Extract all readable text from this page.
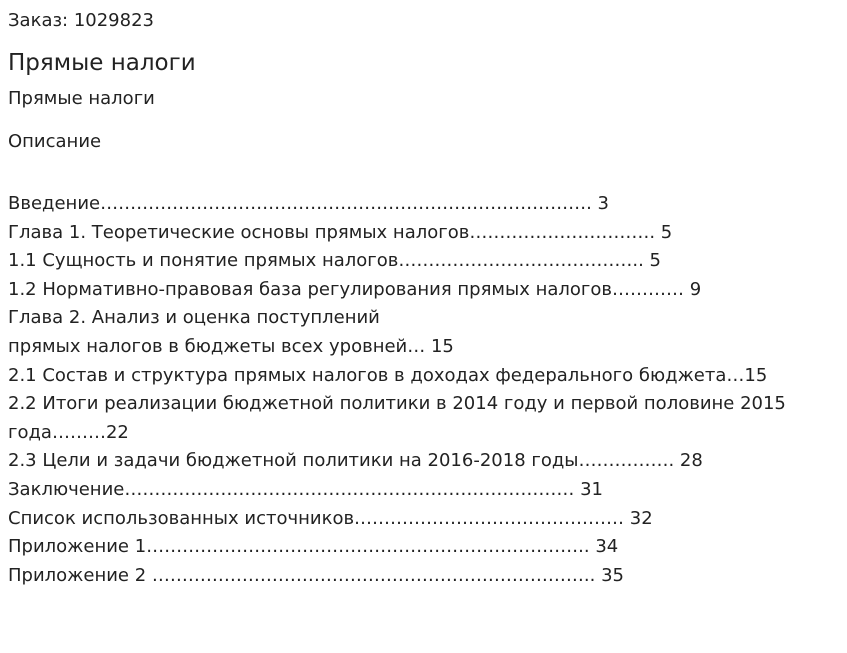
Заказ: 1029823
Прямые налоги
Прямые налоги
Описание
Введение………………………………………………………………………. 3
Глава 1. Теоретические основы прямых налогов…………………………. 5
1.1 Сущность и понятие прямых налогов………………………………….. 5
1.2 Нормативно-правовая база регулирования прямых налогов………… 9
Глава 2. Анализ и оценка поступлений
прямых налогов в бюджеты всех уровней… 15
2.1 Состав и структура прямых налогов в доходах федерального бюджета…15
2.2 Итоги реализации бюджетной политики в 2014 году и первой половине 2015
года………22
2.3 Цели и задачи бюджетной политики на 2016-2018 годы……………. 28
Заключение………………………………………………………………… 31
Список использованных источников……………………………………… 32
Приложение 1……………………………………………………………….. 34
Приложение 2 ……………………………………………………………….. 35
